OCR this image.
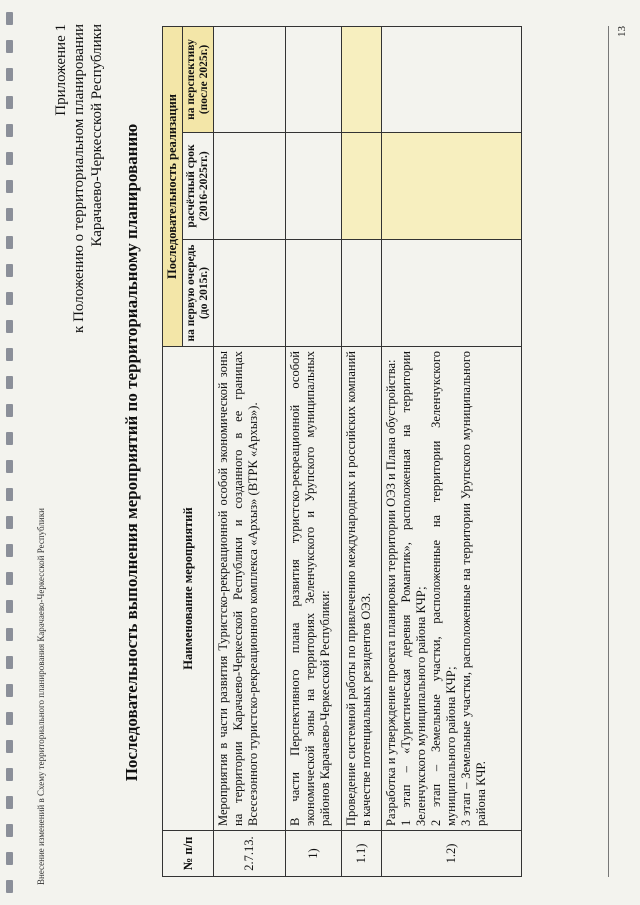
Внесение изменений в Схему территориального планирования Карачаево-Черкесской Республики
Приложение 1 к Положению о территориальном планировании Карачаево-Черкесской Республики Последовательность выполнения мероприятий по территориальному планированию
№ п/п	Наименование мероприятий	Последовательность реализации		
		на первую очередь (до 2015г.)	расчётный срок (2016-2025гг.)	на перспективу (после 2025г.)
2.7.13.	Мероприятия в части развития Туристско-рекреационной особой экономической зоны на территории Карачаево-Черкесской Республики и созданного в ее границах Всесезонного туристско-рекреационного комплекса «Архыз» (ВТРК «Архыз»).			

1)	В части Перспективного плана развития туристско-рекреационной особой экономической зоны на территориях Зеленчукского и Урупского муниципальных районов Карачаево-Черкесской Республики:			

1.1)	Проведение системной работы по привлечению международных и российских компаний в качестве потенциальных резидентов ОЭЗ.			

1.2)	Разработка и утверждение проекта планировки территории ОЭЗ и Плана обустройства: 1 этап – «Туристическая деревня Романтик», расположенная на территории Зеленчукского муниципального района КЧР; 2 этап – Земельные участки, расположенные на территории Зеленчукского муниципального района КЧР; 3 этап – Земельные участки, расположенные на территории Урупского муниципального района КЧР.			

13
